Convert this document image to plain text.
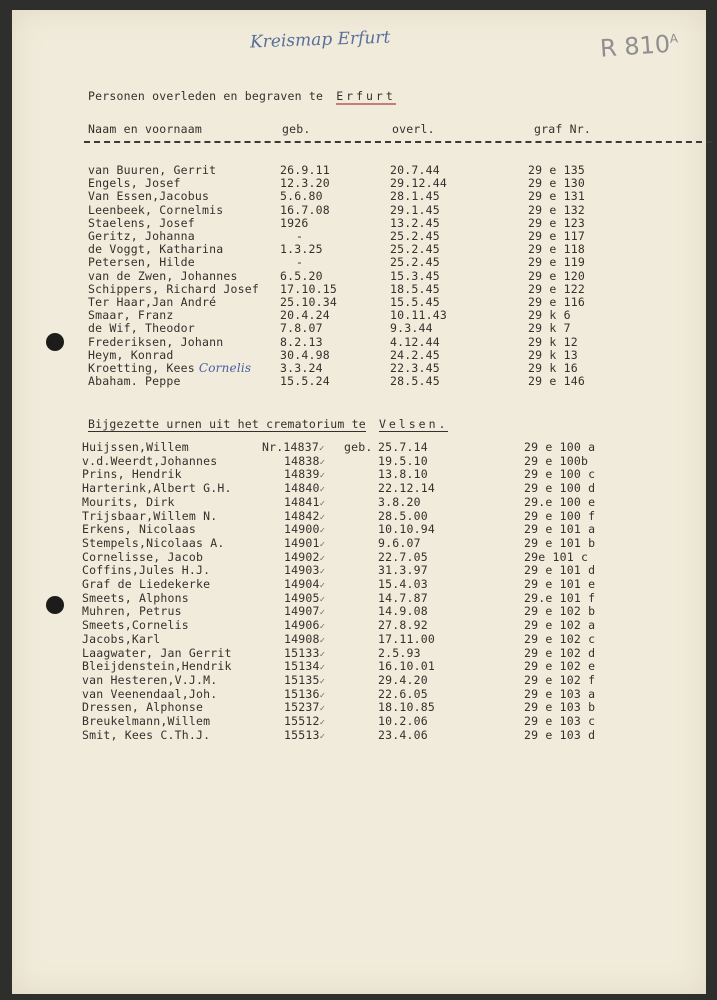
Kreismap Erfurt	R $810^A$
Personen overleden en begraven te Erfurt
Naam en voornaam	geb.	overl.	graf Nr.
van Buuren, Gerrit	26.9.11	20.7.44	29 e 135
Engels, Josef	12.3.20	29.12.44	29 e 130
Van Essen,Jacobus	5.6.80	28.1.45	29 e 131
Leenbeek, Cornelmis	16.7.08	29.1.45	29 e 132
Staelens, Josef	1926	13.2.45	29 e 123
Geritz, Johanna	-	25.2.45	29 e 117
de Voggt, Katharina	1.3.25	25.2.45	29 e 118
Petersen, Hilde	-	25.2.45	29 e 119
van de Zwen, Johannes	6.5.20	15.3.45	29 e 120
Schippers, Richard Josef 17.10.15	18.5.45	29 e 122
Ter Haar,Jan André	25.10.34	15.5.45	29 e 116
Smaar, Franz	20.4.24	10.11.43	29 k 6
de Wif, Theodor	7.8.07	9.3.44	29 k 7
Frederiksen, Johann	8.2.13	4.12.44	29 k 12
Heym, Konrad	30.4.98	24.2.45	29 k 13
Kroetting, Kees Cornelis 3.3.24	22.3.45	29 k 16
Abaham. Peppe	15.5.24	28.5.45	29 e 146
Bijgezette urnen uit het crematorium te Velsen.
Huijssen,Willem	Nr.14837✓ geb. 25.7.14	29 e 100 a
v.d.Weerdt,Johannes	14838✓	19.5.10	29 e 100b
Prins, Hendrik	14839✓	13.8.10	29 e 100 c
Harterink,Albert G.H.	14840✓	22.12.14	29 e 100 d
Mourits, Dirk	14841✓	3.8.20	29.e 100 e
Trijsbaar,Willem N.	14842✓	28.5.00	29 e 100 f
Erkens, Nicolaas	14900✓	10.10.94	29 e 101 a
Stempels,Nicolaas A.	14901✓	9.6.07	29 e 101 b
Cornelisse, Jacob	14902✓	22.7.05	29e 101 c
Coffins,Jules H.J.	14903✓	31.3.97	29 e 101 d
Graf de Liedekerke	14904✓	15.4.03	29 e 101 e
Smeets, Alphons	14905✓	14.7.87	29.e 101 f
Muhren, Petrus	14907✓	14.9.08	29 e 102 b
Smeets,Cornelis	14906✓	27.8.92	29 e 102 a
Jacobs,Karl	14908✓	17.11.00	29 e 102 c
Laagwater, Jan Gerrit	15133✓	2.5.93	29 e 102 d
Bleijdenstein,Hendrik	15134✓	16.10.01	29 e 102 e
van Hesteren,V.J.M.	15135✓	29.4.20	29 e 102 f
van Veenendaal,Joh.	15136✓	22.6.05	29 e 103 a
Dressen, Alphonse	15237✓	18.10.85	29 e 103 b
Breukelmann,Willem	15512✓	10.2.06	29 e 103 c
Smit, Kees C.Th.J.	15513✓	23.4.06	29 e 103 d
